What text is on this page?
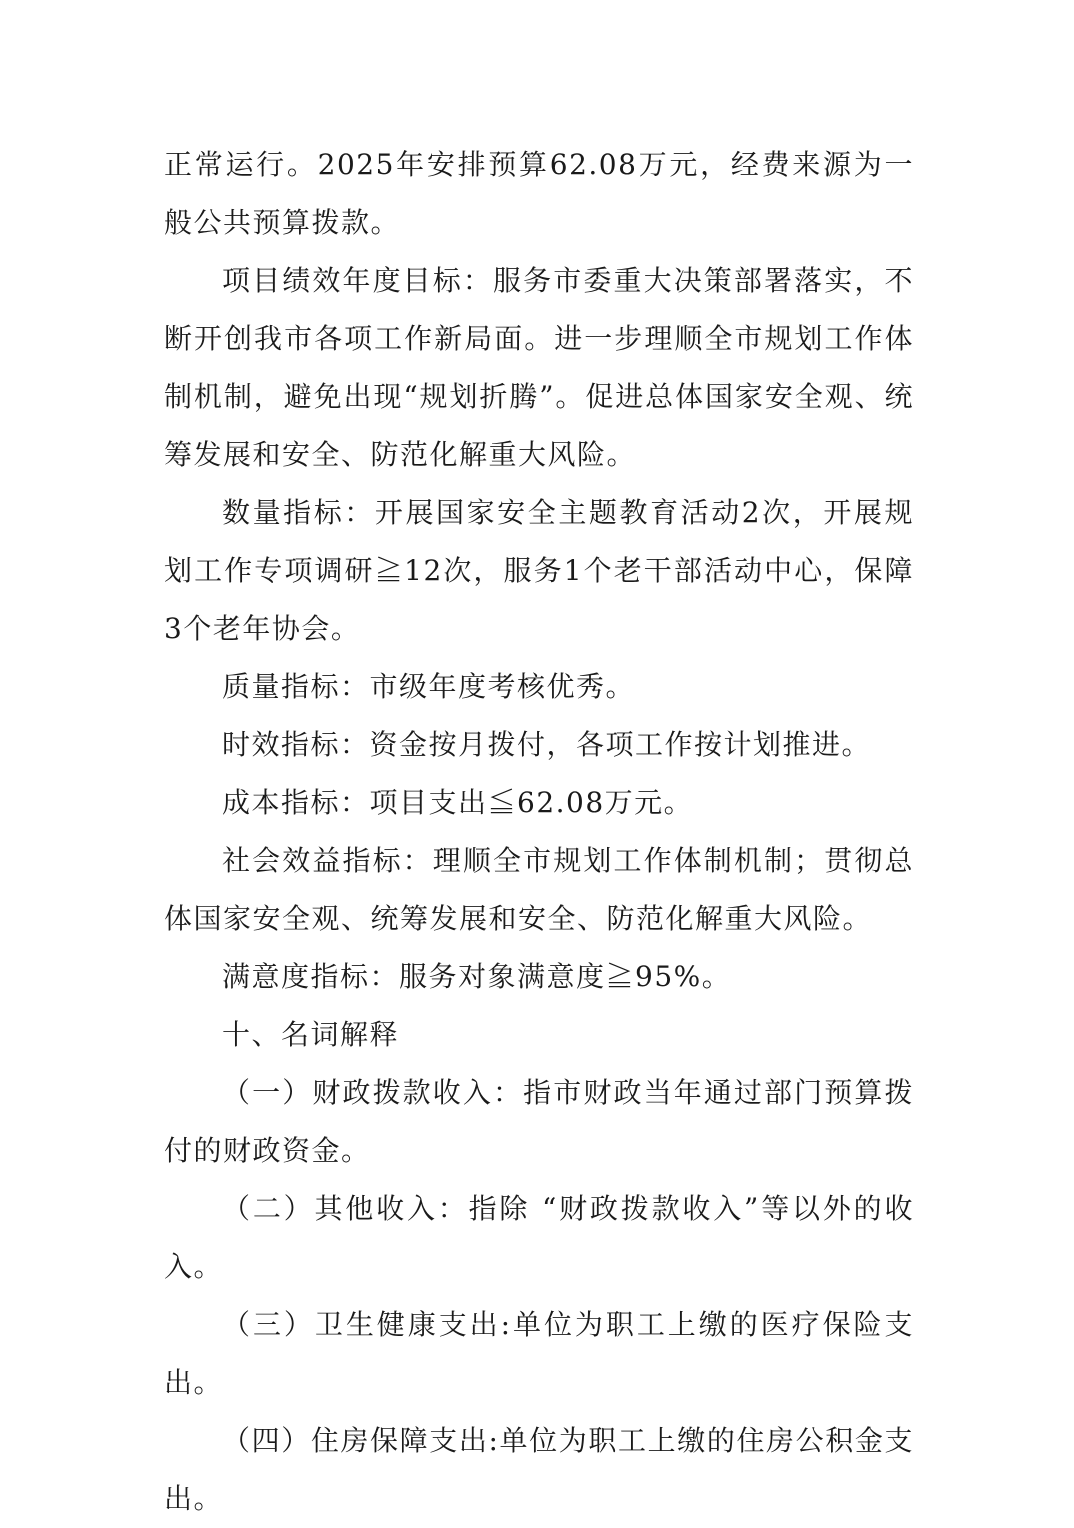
正常运行。2025年安排预算62.08万元，经费来源为一般公共预算拨款。

项目绩效年度目标：服务市委重大决策部署落实，不断开创我市各项工作新局面。进一步理顺全市规划工作体制机制，避免出现“规划折腾”。促进总体国家安全观、统筹发展和安全、防范化解重大风险。

数量指标：开展国家安全主题教育活动2次，开展规划工作专项调研≧12次，服务1个老干部活动中心，保障3个老年协会。

质量指标：市级年度考核优秀。

时效指标：资金按月拨付，各项工作按计划推进。

成本指标：项目支出≦62.08万元。

社会效益指标：理顺全市规划工作体制机制；贯彻总体国家安全观、统筹发展和安全、防范化解重大风险。

满意度指标：服务对象满意度≧95%。

十、名词解释

（一）财政拨款收入：指市财政当年通过部门预算拨付的财政资金。

（二）其他收入：指除 “财政拨款收入”等以外的收入。

（三）卫生健康支出:单位为职工上缴的医疗保险支出。

（四）住房保障支出:单位为职工上缴的住房公积金支出。
